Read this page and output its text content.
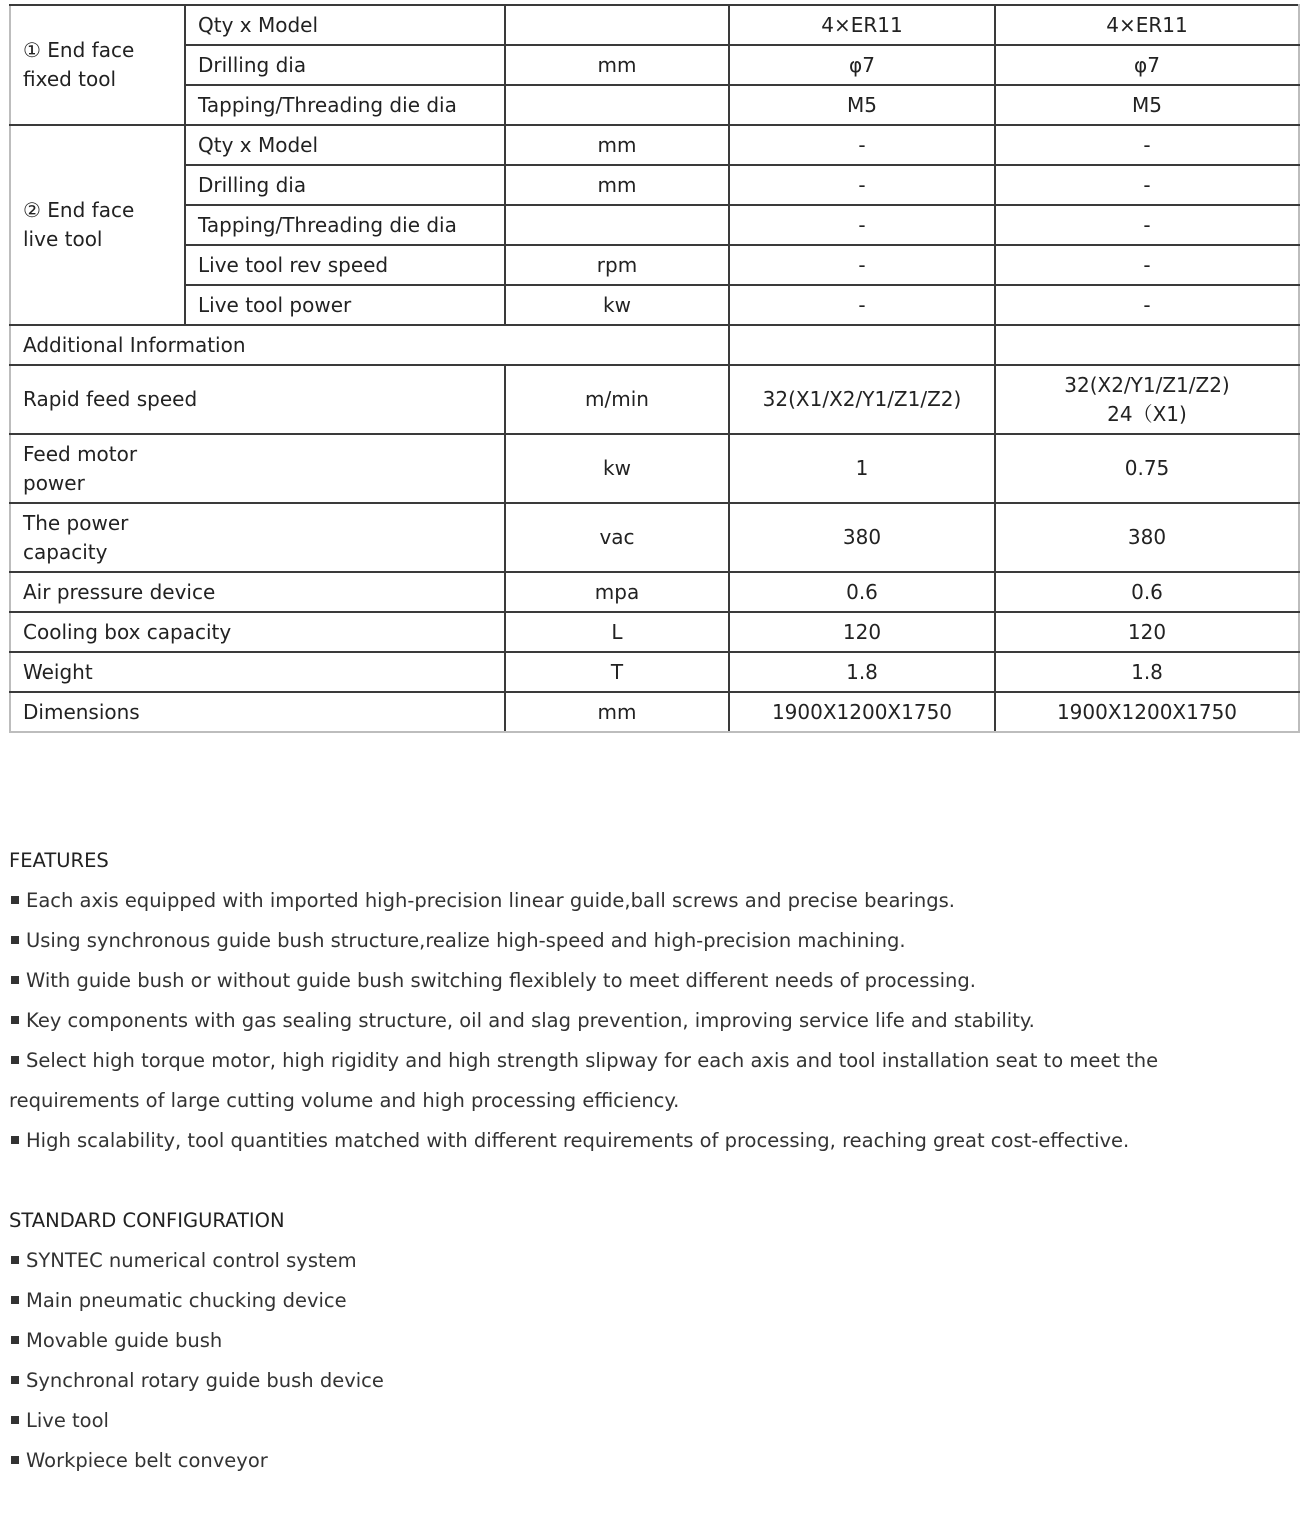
① End face
fixed tool	Qty x Model		4×ER11	4×ER11
	Drilling dia	mm	φ7	φ7
	Tapping/Threading die dia		M5	M5
② End face
live tool	Qty x Model	mm	-	-
	Drilling dia	mm	-	-
	Tapping/Threading die dia		-	-
	Live tool rev speed	rpm	-	-
	Live tool power	kw	-	-
Additional Information				
Rapid feed speed		m/min	32(X1/X2/Y1/Z1/Z2)	32(X2/Y1/Z1/Z2)
24（X1)
Feed motor
power		kw	1	0.75
The power
capacity		vac	380	380
Air pressure device		mpa	0.6	0.6
Cooling box capacity		L	120	120
Weight		T	1.8	1.8
Dimensions		mm	1900X1200X1750	1900X1200X1750
FEATURES
Each axis equipped with imported high-precision linear guide,ball screws and precise bearings.
Using synchronous guide bush structure,realize high-speed and high-precision machining.
With guide bush or without guide bush switching flexiblely to meet different needs of processing.
Key components with gas sealing structure, oil and slag prevention, improving service life and stability.
Select high torque motor, high rigidity and high strength slipway for each axis and tool installation seat to meet the
requirements of large cutting volume and high processing efficiency.
High scalability, tool quantities matched with different requirements of processing, reaching great cost-effective.
STANDARD CONFIGURATION
SYNTEC numerical control system
Main pneumatic chucking device
Movable guide bush
Synchronal rotary guide bush device
Live tool
Workpiece belt conveyor
